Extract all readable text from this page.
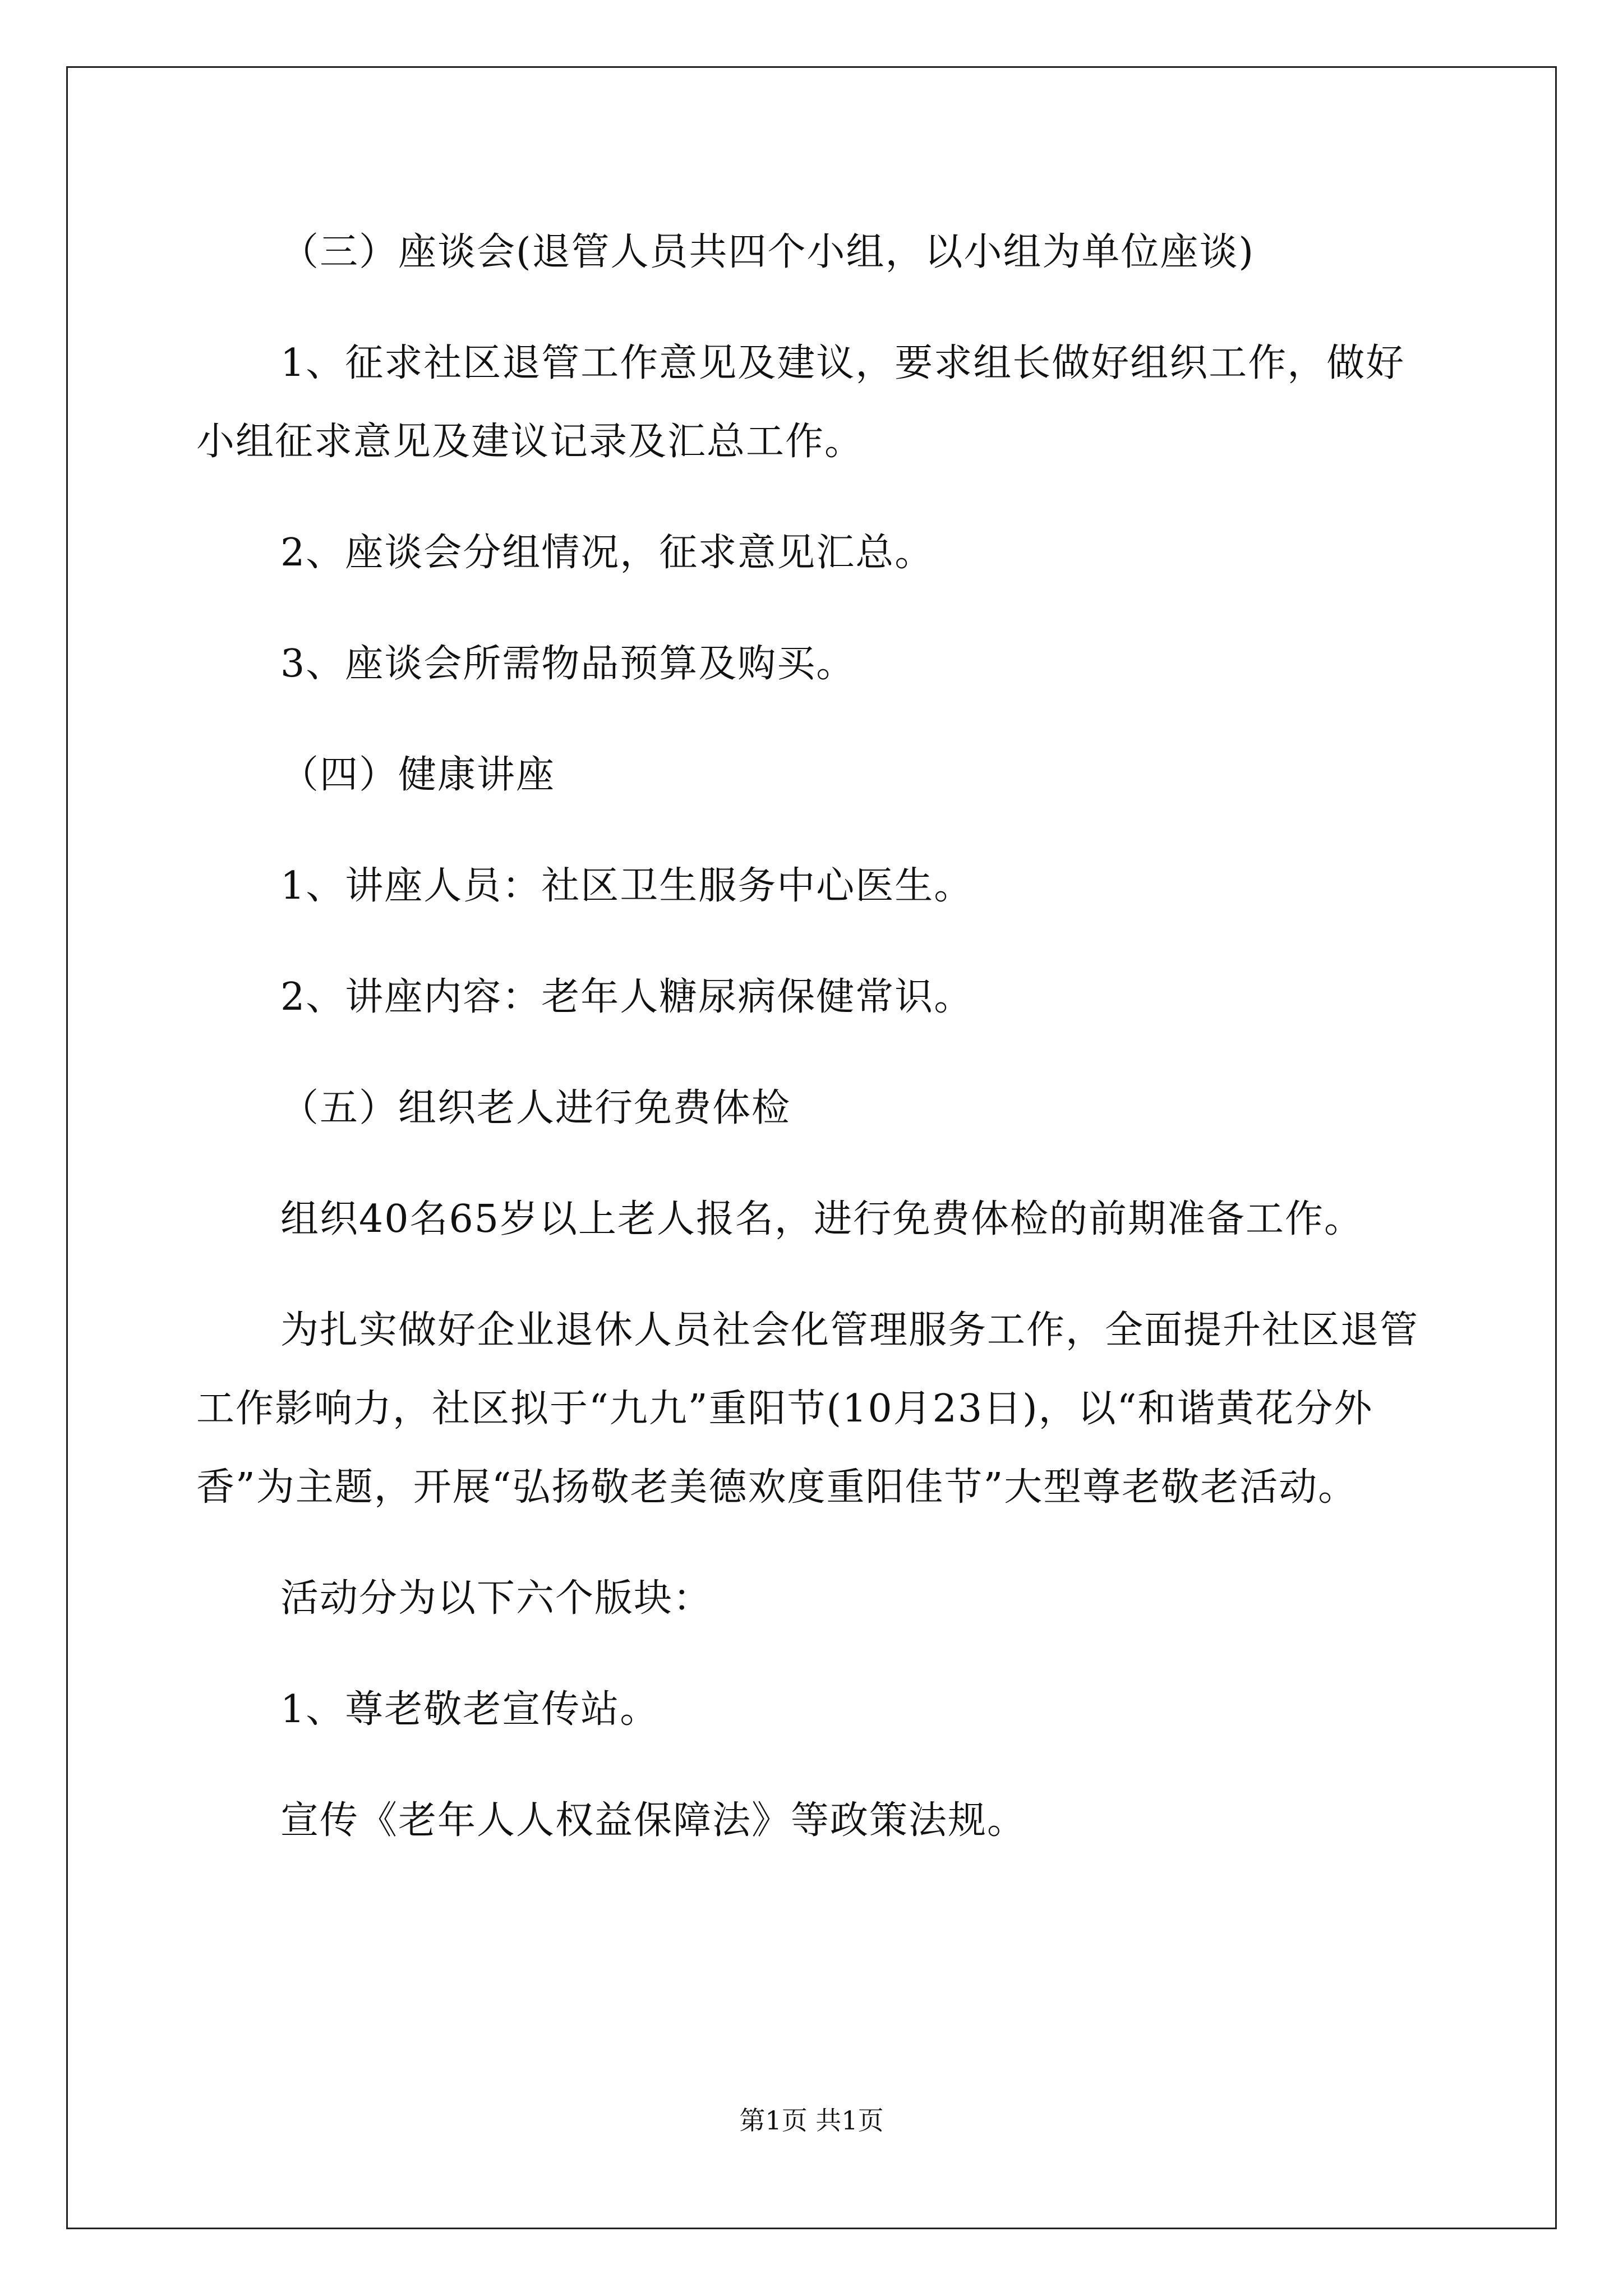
（三）座谈会(退管人员共四个小组，以小组为单位座谈)

1、征求社区退管工作意见及建议，要求组长做好组织工作，做好小组征求意见及建议记录及汇总工作。

2、座谈会分组情况，征求意见汇总。

3、座谈会所需物品预算及购买。

（四）健康讲座

1、讲座人员：社区卫生服务中心医生。

2、讲座内容：老年人糖尿病保健常识。

（五）组织老人进行免费体检

组织40名65岁以上老人报名，进行免费体检的前期准备工作。

为扎实做好企业退休人员社会化管理服务工作，全面提升社区退管工作影响力，社区拟于“九九”重阳节(10月23日)，以“和谐黄花分外香”为主题，开展“弘扬敬老美德欢度重阳佳节”大型尊老敬老活动。

活动分为以下六个版块：

1、尊老敬老宣传站。

宣传《老年人人权益保障法》等政策法规。

第1页 共1页
